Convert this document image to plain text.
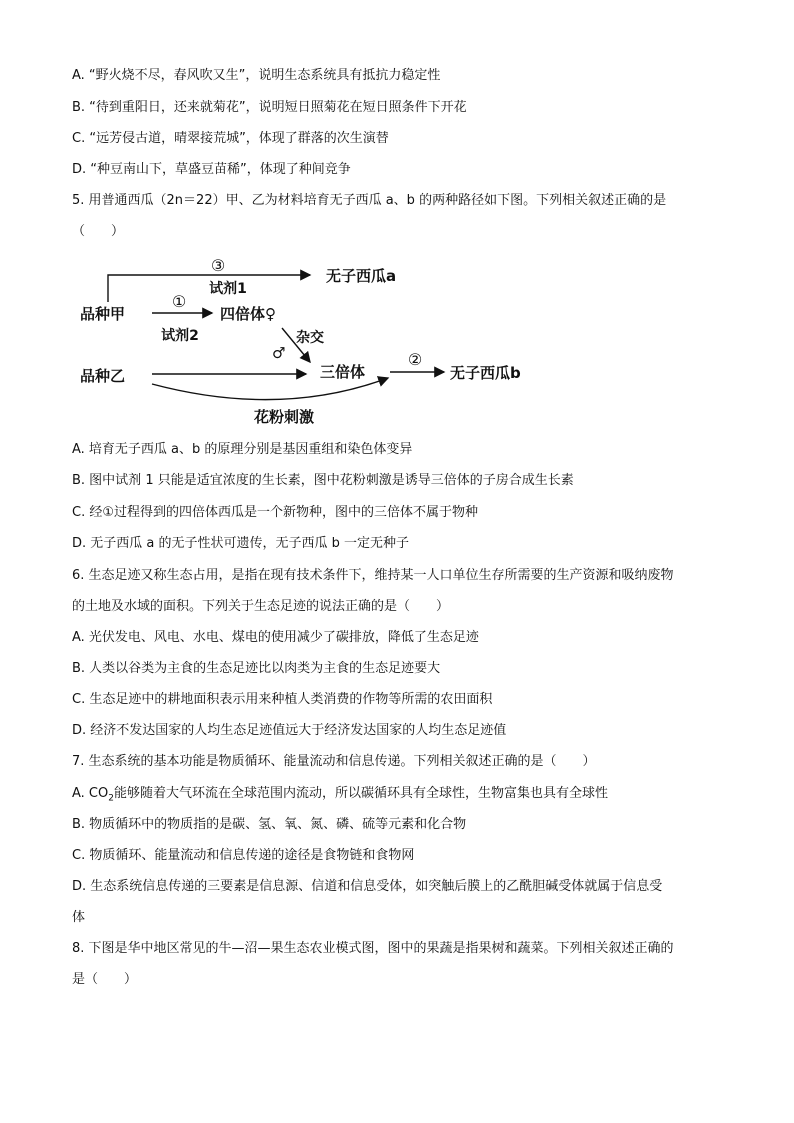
A. “野火烧不尽，春风吹又生”，说明生态系统具有抵抗力稳定性
B. “待到重阳日，还来就菊花”，说明短日照菊花在短日照条件下开花
C. “远芳侵古道，晴翠接荒城”，体现了群落的次生演替
D. “种豆南山下，草盛豆苗稀”，体现了种间竞争
5. 用普通西瓜（2n＝22）甲、乙为材料培育无子西瓜 a、b 的两种路径如下图。下列相关叙述正确的是
（　　）
③
试剂1
无子西瓜a
品种甲
品种乙
①
试剂2
四倍体♀
杂交
♂
三倍体
②
无子西瓜b
花粉刺激
A. 培育无子西瓜 a、b 的原理分别是基因重组和染色体变异
B. 图中试剂 1 只能是适宜浓度的生长素，图中花粉刺激是诱导三倍体的子房合成生长素
C. 经①过程得到的四倍体西瓜是一个新物种，图中的三倍体不属于物种
D. 无子西瓜 a 的无子性状可遗传，无子西瓜 b 一定无种子
6. 生态足迹又称生态占用，是指在现有技术条件下，维持某一人口单位生存所需要的生产资源和吸纳废物
的土地及水域的面积。下列关于生态足迹的说法正确的是（　　）
A. 光伏发电、风电、水电、煤电的使用减少了碳排放，降低了生态足迹
B. 人类以谷类为主食的生态足迹比以肉类为主食的生态足迹要大
C. 生态足迹中的耕地面积表示用来种植人类消费的作物等所需的农田面积
D. 经济不发达国家的人均生态足迹值远大于经济发达国家的人均生态足迹值
7. 生态系统的基本功能是物质循环、能量流动和信息传递。下列相关叙述正确的是（　　）
A. $CO_2$能够随着大气环流在全球范围内流动，所以碳循环具有全球性，生物富集也具有全球性
B. 物质循环中的物质指的是碳、氢、氧、氮、磷、硫等元素和化合物
C. 物质循环、能量流动和信息传递的途径是食物链和食物网
D. 生态系统信息传递的三要素是信息源、信道和信息受体，如突触后膜上的乙酰胆碱受体就属于信息受
体
8. 下图是华中地区常见的牛—沼—果生态农业模式图，图中的果蔬是指果树和蔬菜。下列相关叙述正确的
是（　　）
